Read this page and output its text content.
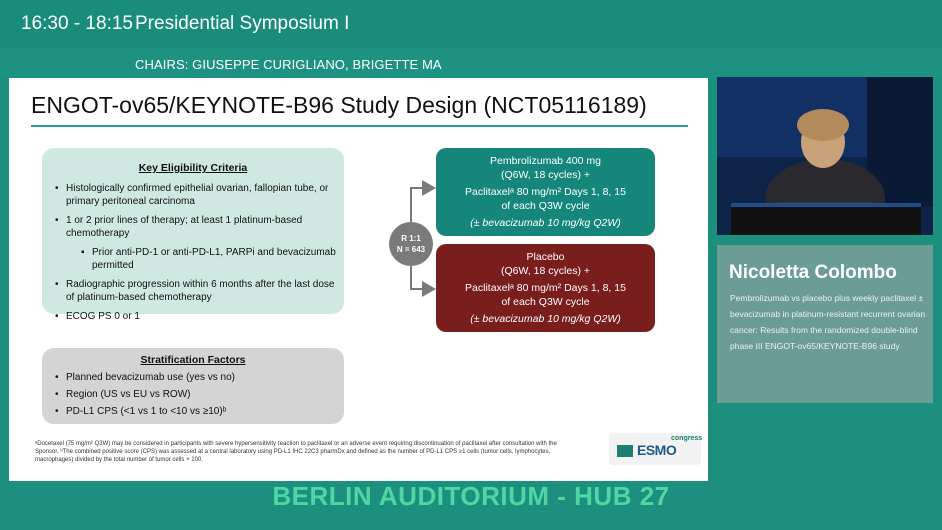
16:30 - 18:15 Presidential Symposium I
CHAIRS: GIUSEPPE CURIGLIANO, BRIGETTE MA
ENGOT-ov65/KEYNOTE-B96 Study Design (NCT05116189)
Key Eligibility Criteria
• Histologically confirmed epithelial ovarian, fallopian tube, or primary peritoneal carcinoma
• 1 or 2 prior lines of therapy; at least 1 platinum-based chemotherapy
▪ Prior anti-PD-1 or anti-PD-L1, PARPi and bevacizumab permitted
• Radiographic progression within 6 months after the last dose of platinum-based chemotherapy
• ECOG PS 0 or 1
Stratification Factors
• Planned bevacizumab use (yes vs no)
• Region (US vs EU vs ROW)
• PD-L1 CPS (<1 vs 1 to <10 vs ≥10)ᵇ
R 1:1
N = 643
Pembrolizumab 400 mg
(Q6W, 18 cycles) +
Paclitaxelᵃ 80 mg/m² Days 1, 8, 15
of each Q3W cycle
(± bevacizumab 10 mg/kg Q2W)
Placebo
(Q6W, 18 cycles) +
Paclitaxelᵃ 80 mg/m² Days 1, 8, 15
of each Q3W cycle
(± bevacizumab 10 mg/kg Q2W)
ᵃDocetaxel (75 mg/m² Q3W) may be considered in participants with severe hypersensitivity reaction to paclitaxel or an adverse event requiring discontinuation of paclitaxel after consultation with the Sponsor. ᵇThe combined positive score (CPS) was assessed at a central laboratory using PD-L1 IHC 22C3 pharmDx and defined as the number of PD-L1 CPS ≥1 cells (tumor cells, lymphocytes, macrophages) divided by the total number of tumor cells × 100.
ESMO
congress
Nicoletta Colombo
Pembrolizumab vs placebo plus weekly paclitaxel ± bevacizumab in platinum-resistant recurrent ovarian cancer: Results from the randomized double-blind phase III ENGOT-ov65/KEYNOTE-B96 study
BERLIN AUDITORIUM - HUB 27
